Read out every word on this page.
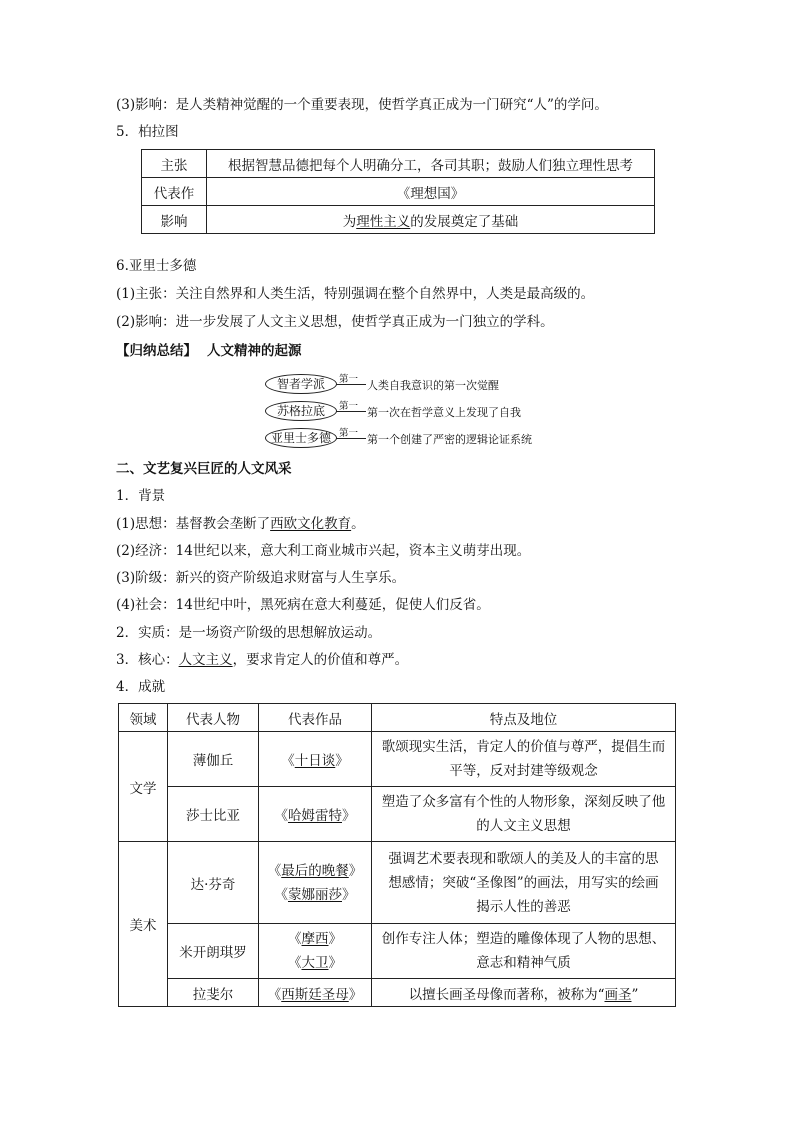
(3)影响：是人类精神觉醒的一个重要表现，使哲学真正成为一门研究“人”的学问。
5．柏拉图
主张	根据智慧品德把每个人明确分工，各司其职；鼓励人们独立理性思考
代表作	《理想国》
影响	为理性主义的发展奠定了基础
6.亚里士多德
(1)主张：关注自然界和人类生活，特别强调在整个自然界中，人类是最高级的。
(2)影响：进一步发展了人文主义思想，使哲学真正成为一门独立的学科。
【归纳总结】 人文精神的起源
智者学派	第一 人类自我意识的第一次觉醒
苏格拉底	第一 第一次在哲学意义上发现了自我
亚里士多德 第一 第一个创建了严密的逻辑论证系统
二、文艺复兴巨匠的人文风采
1．背景
(1)思想：基督教会垄断了西欧文化教育。
(2)经济：14世纪以来，意大利工商业城市兴起，资本主义萌芽出现。
(3)阶级：新兴的资产阶级追求财富与人生享乐。
(4)社会：14世纪中叶，黑死病在意大利蔓延，促使人们反省。
2．实质：是一场资产阶级的思想解放运动。
3．核心：人文主义，要求肯定人的价值和尊严。
4．成就
领域	代表人物	代表作品	特点及地位
文学	薄伽丘	《十日谈》	歌颂现实生活，肯定人的价值与尊严，提倡生而
平等，反对封建等级观念
	莎士比亚	《哈姆雷特》	塑造了众多富有个性的人物形象，深刻反映了他
的人文主义思想
美术	达·芬奇	《最后的晚餐》
《蒙娜丽莎》	强调艺术要表现和歌颂人的美及人的丰富的思
想感情；突破“圣像图”的画法，用写实的绘画
揭示人性的善恶
	米开朗琪罗	《摩西》
《大卫》	创作专注人体；塑造的雕像体现了人物的思想、
意志和精神气质
	拉斐尔	《西斯廷圣母》	以擅长画圣母像而著称，被称为“画圣”
